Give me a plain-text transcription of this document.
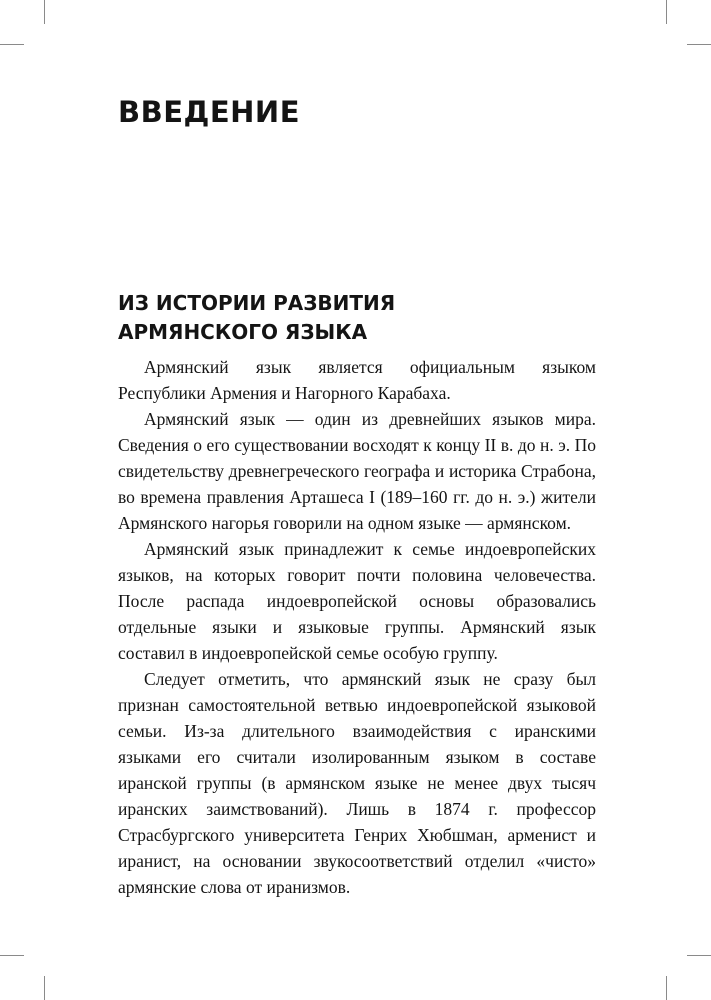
ВВЕДЕНИЕ
ИЗ ИСТОРИИ РАЗВИТИЯ
АРМЯНСКОГО ЯЗЫКА

Армянский язык является официальным языком Республики Армения и Нагорного Карабаха.

Армянский язык — один из древнейших языков мира. Сведения о его существовании восходят к концу II в. до н. э. По свидетельству древнегреческого географа и историка Страбона, во времена правления Арташеса I (189–160 гг. до н. э.) жители Армянского нагорья говорили на одном языке — армянском.

Армянский язык принадлежит к семье индоевропейских языков, на которых говорит почти половина человечества. После распада индоевропейской основы образовались отдельные языки и языковые группы. Армянский язык составил в индоевропейской семье особую группу.

Следует отметить, что армянский язык не сразу был признан самостоятельной ветвью индоевропейской языковой семьи. Из-за длительного взаимодействия с иранскими языками его считали изолированным языком в составе иранской группы (в армянском языке не менее двух тысяч иранских заимствований). Лишь в 1874 г. профессор Страсбургского университета Генрих Хюбшман, арменист и иранист, на основании звукосоответствий отделил «чисто» армянские слова от иранизмов.
